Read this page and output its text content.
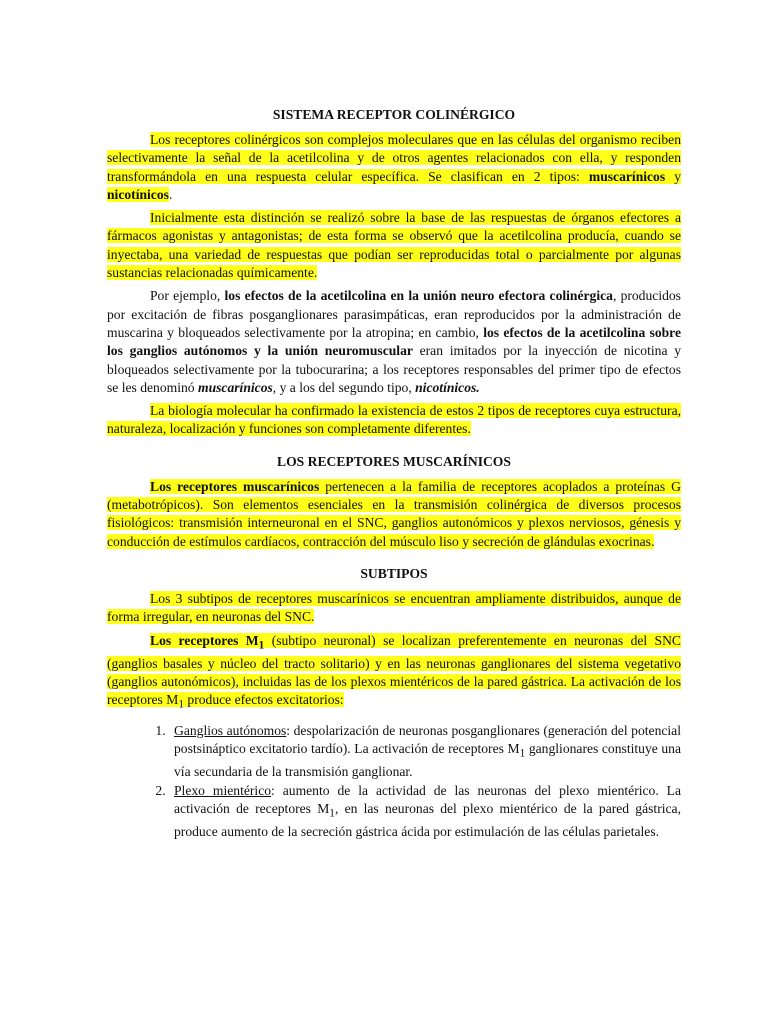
SISTEMA RECEPTOR COLINÉRGICO

Los receptores colinérgicos son complejos moleculares que en las células del organismo reciben selectivamente la señal de la acetilcolina y de otros agentes relacionados con ella, y responden transformándola en una respuesta celular específica. Se clasifican en 2 tipos: muscarínicos y nicotínicos.

Inicialmente esta distinción se realizó sobre la base de las respuestas de órganos efectores a fármacos agonistas y antagonistas; de esta forma se observó que la acetilcolina producía, cuando se inyectaba, una variedad de respuestas que podían ser reproducidas total o parcialmente por algunas sustancias relacionadas químicamente.

Por ejemplo, los efectos de la acetilcolina en la unión neuro efectora colinérgica, producidos por excitación de fibras posganglionares parasimpáticas, eran reproducidos por la administración de muscarina y bloqueados selectivamente por la atropina; en cambio, los efectos de la acetilcolina sobre los ganglios autónomos y la unión neuromuscular eran imitados por la inyección de nicotina y bloqueados selectivamente por la tubocurarina; a los receptores responsables del primer tipo de efectos se les denominó muscarínicos, y a los del segundo tipo, nicotínicos.

La biología molecular ha confirmado la existencia de estos 2 tipos de receptores cuya estructura, naturaleza, localización y funciones son completamente diferentes.

LOS RECEPTORES MUSCARÍNICOS

Los receptores muscarínicos pertenecen a la familia de receptores acoplados a proteínas G (metabotrópicos). Son elementos esenciales en la transmisión colinérgica de diversos procesos fisiológicos: transmisión interneuronal en el SNC, ganglios autonómicos y plexos nerviosos, génesis y conducción de estímulos cardíacos, contracción del músculo liso y secreción de glándulas exocrinas.

SUBTIPOS

Los 3 subtipos de receptores muscarínicos se encuentran ampliamente distribuidos, aunque de forma irregular, en neuronas del SNC.

Los receptores $M_1$ (subtipo neuronal) se localizan preferentemente en neuronas del SNC (ganglios basales y núcleo del tracto solitario) y en las neuronas ganglionares del sistema vegetativo (ganglios autonómicos), incluidas las de los plexos mientéricos de la pared gástrica. La activación de los receptores $M_1$ produce efectos excitatorios:

1. Ganglios autónomos: despolarización de neuronas posganglionares (generación del potencial postsináptico excitatorio tardío). La activación de receptores $M_1$ ganglionares constituye una vía secundaria de la transmisión ganglionar.
2. Plexo mientérico: aumento de la actividad de las neuronas del plexo mientérico. La activación de receptores $M_1$, en las neuronas del plexo mientérico de la pared gástrica, produce aumento de la secreción gástrica ácida por estimulación de las células parietales.
